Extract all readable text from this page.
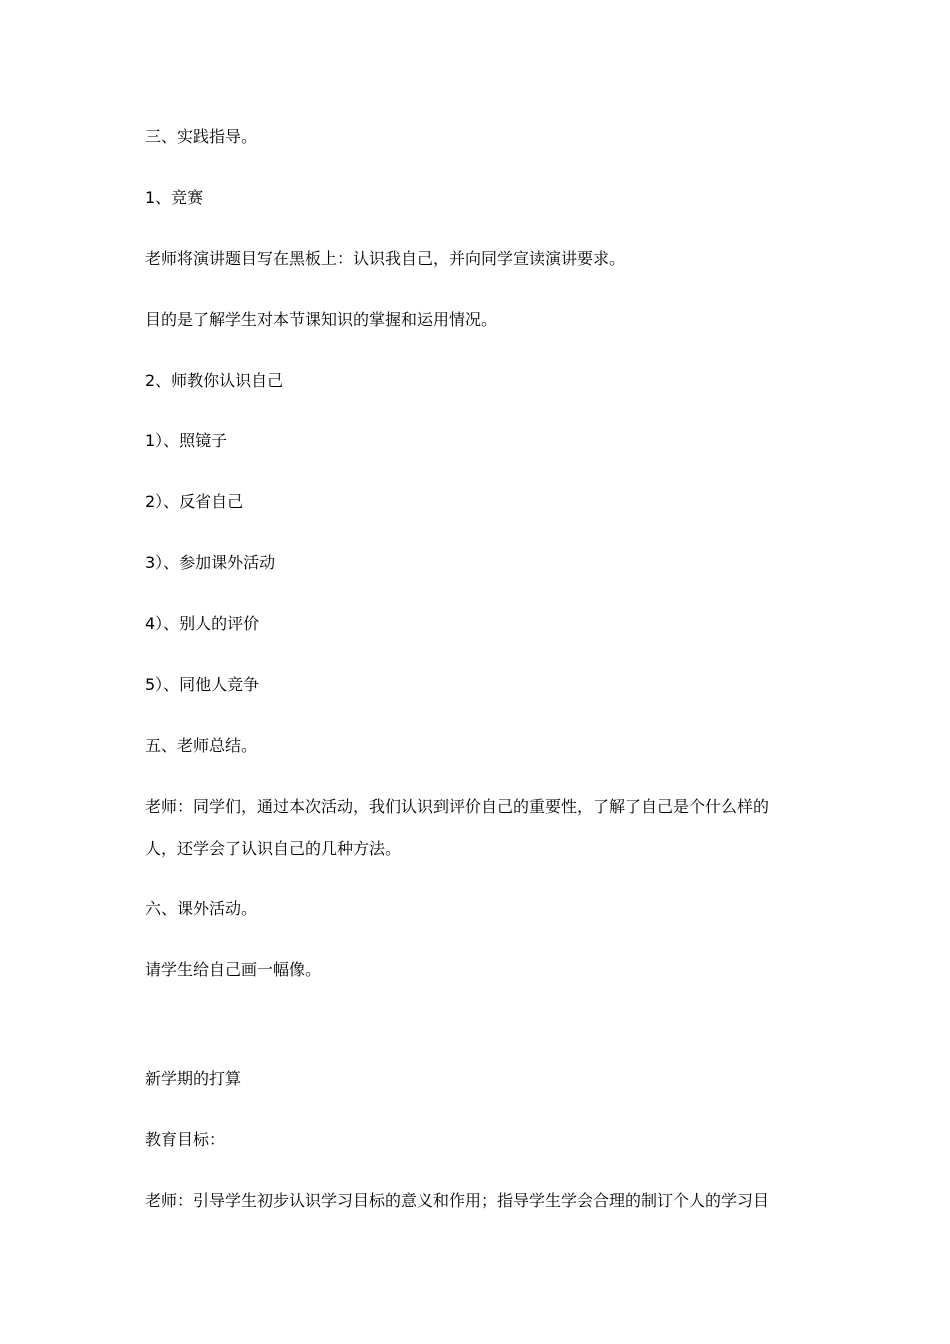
三、实践指导。
1、竞赛
老师将演讲题目写在黑板上：认识我自己，并向同学宣读演讲要求。
目的是了解学生对本节课知识的掌握和运用情况。
2、师教你认识自己
1）、照镜子
2）、反省自己
3）、参加课外活动
4）、别人的评价
5）、同他人竞争
五、老师总结。
老师：同学们，通过本次活动，我们认识到评价自己的重要性，了解了自己是个什么样的
人，还学会了认识自己的几种方法。
六、课外活动。
请学生给自己画一幅像。
新学期的打算
教育目标：
老师：引导学生初步认识学习目标的意义和作用；指导学生学会合理的制订个人的学习目
